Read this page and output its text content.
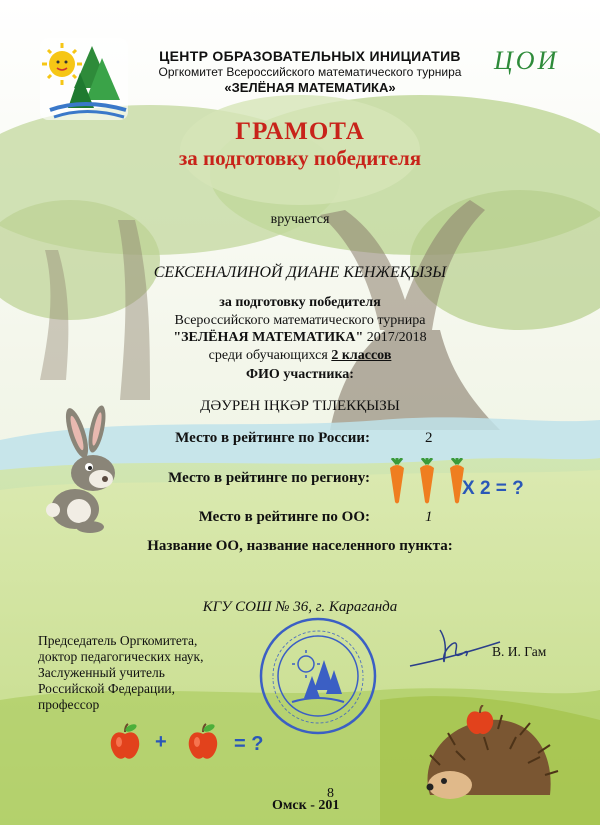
ЦЕНТР ОБРАЗОВАТЕЛЬНЫХ ИНИЦИАТИВ
Оргкомитет Всероссийского математического турнира
«ЗЕЛЁНАЯ МАТЕМАТИКА»
ЦОИ
ГРАМОТА
за подготовку победителя
вручается
СЕКСЕНАЛИНОЙ ДИАНЕ КЕНЖЕҚЫЗЫ
за подготовку победителя
Всероссийского математического турнира
"ЗЕЛЁНАЯ МАТЕМАТИКА" 2017/2018
среди обучающихся 2 классов
ФИО участника:
ДӘУРЕН ІҢКӘР ТІЛЕКҚЫЗЫ
Место в рейтинге по России:	2
Место в рейтинге по региону:
Место в рейтинге по ОО:	1
Название ОО, название населенного пункта:
КГУ СОШ № 36, г. Караганда
X 2 = ?
Председатель Оргкомитета,
доктор педагогических наук,
Заслуженный учитель
Российской Федерации,
профессор
В. И. Гам
+	= ?
Омск - 201
8
